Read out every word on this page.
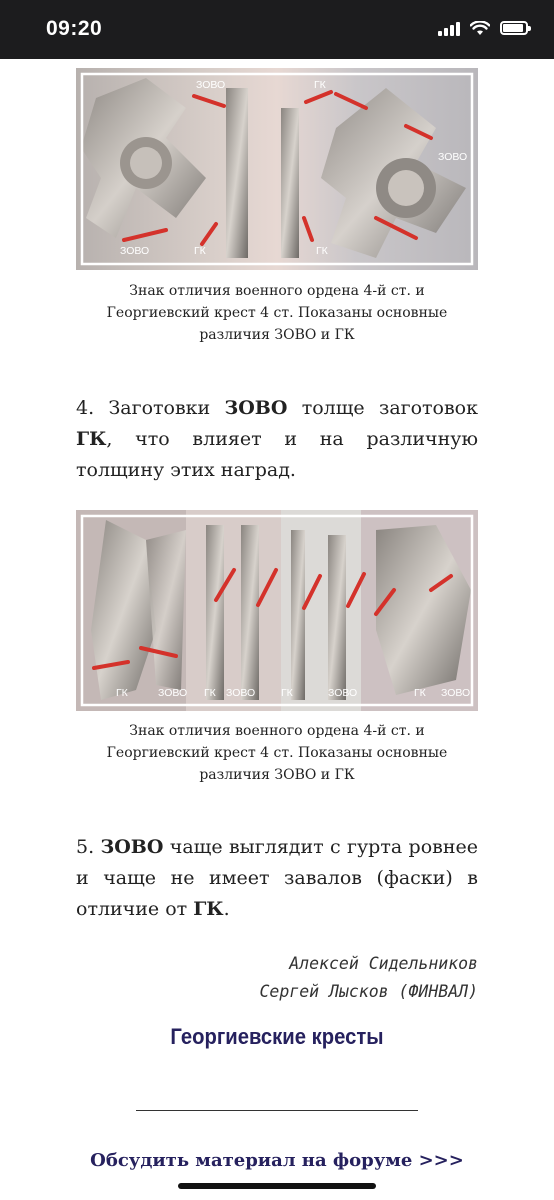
09:20
ЗОВО	ГК
ЗОВО
ГК	ГК
ЗОВО
Знак отличия военного ордена 4-й ст. и Георгиевский крест 4 ст. Показаны основные различия ЗОВО и ГК
4. Заготовки ЗОВО толще заготовок ГК, что влияет и на различную толщину этих наград.
ГК	ЗОВО ГК ЗОВО ГК	ЗОВО	ГК ЗОВО
Знак отличия военного ордена 4-й ст. и Георгиевский крест 4 ст. Показаны основные различия ЗОВО и ГК
5. ЗОВО чаще выглядит с гурта ровнее и чаще не имеет завалов (фаски) в отличие от ГК.
Алексей Сидельников
Сергей Лысков (ФИНВАЛ)
Георгиевские кресты
Обсудить материал на форуме >>>
